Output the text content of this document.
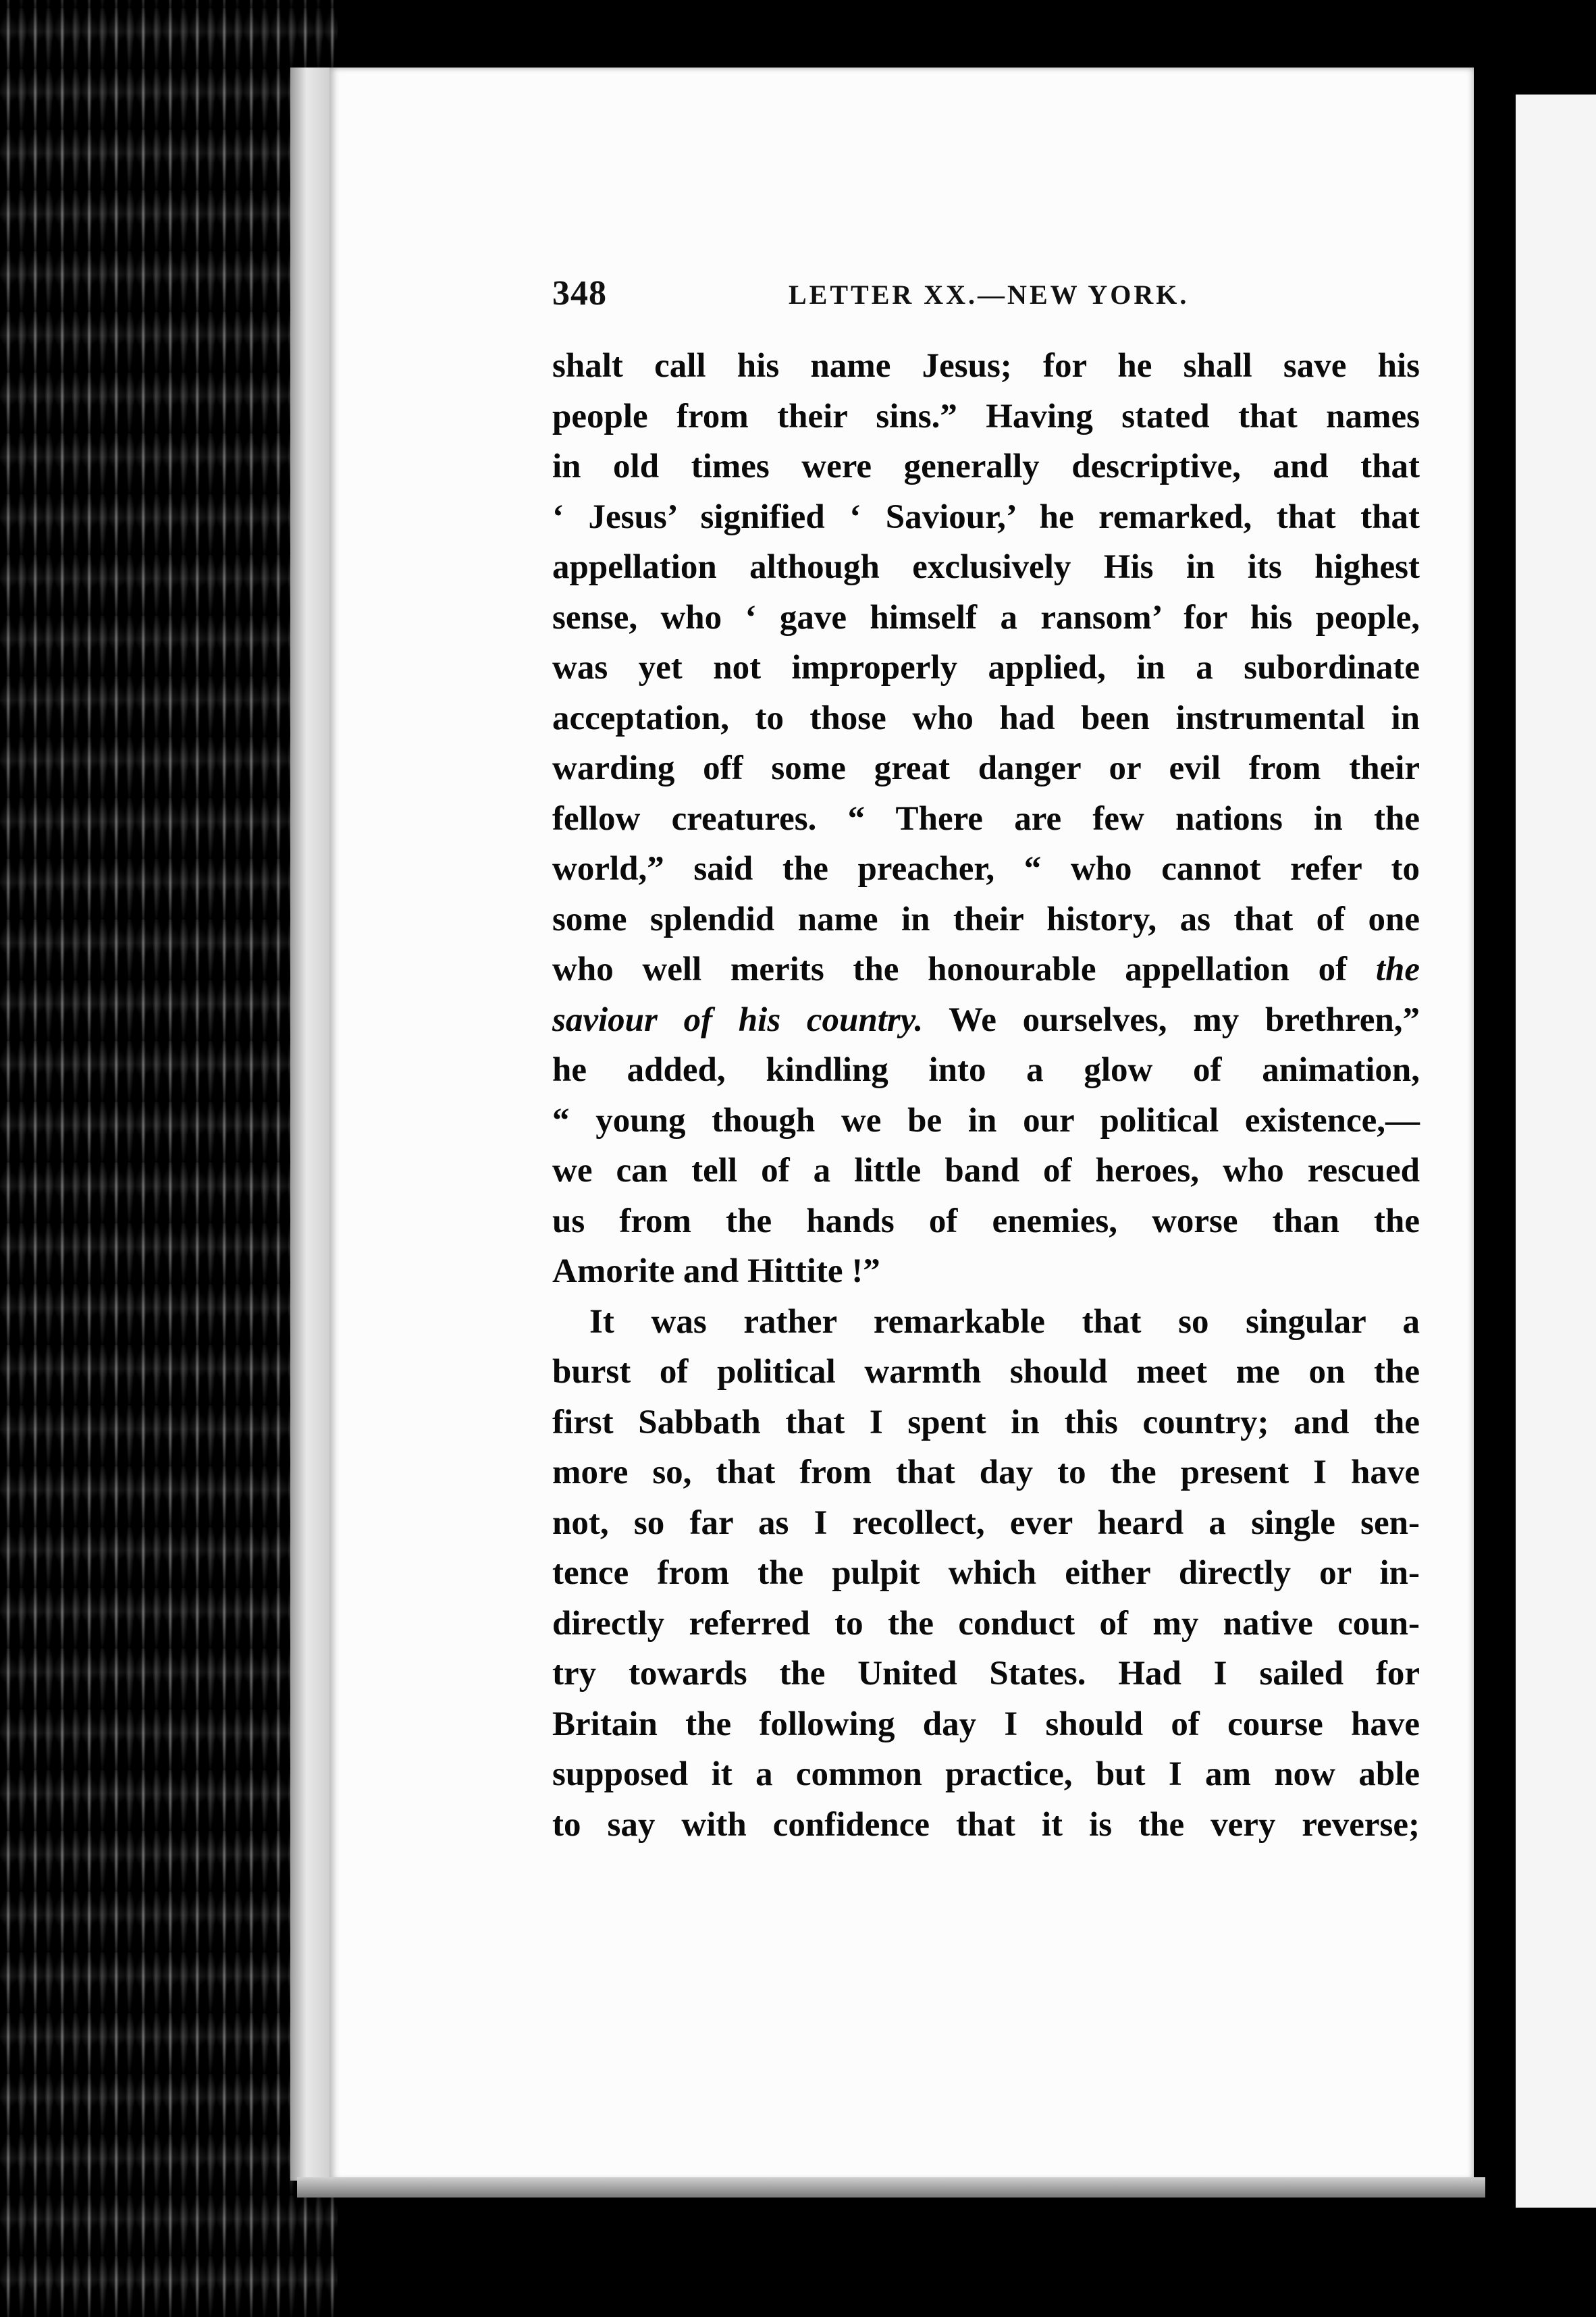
348	LETTER XX.—NEW YORK.
shalt call his name Jesus; for he shall save his
people from their sins.” Having stated that names
in old times were generally descriptive, and that
‘ Jesus’ signified ‘ Saviour,’ he remarked, that that
appellation although exclusively His in its highest
sense, who ‘ gave himself a ransom’ for his people,
was yet not improperly applied, in a subordinate
acceptation, to those who had been instrumental in
warding off some great danger or evil from their
fellow creatures. “ There are few nations in the
world,” said the preacher, “ who cannot refer to
some splendid name in their history, as that of one
who well merits the honourable appellation of the
saviour of his country. We ourselves, my brethren,”
he added, kindling into a glow of animation,
“ young though we be in our political existence,—
we can tell of a little band of heroes, who rescued
us from the hands of enemies, worse than the
Amorite and Hittite !”
It was rather remarkable that so singular a
burst of political warmth should meet me on the
first Sabbath that I spent in this country; and the
more so, that from that day to the present I have
not, so far as I recollect, ever heard a single sen-
tence from the pulpit which either directly or in-
directly referred to the conduct of my native coun-
try towards the United States. Had I sailed for
Britain the following day I should of course have
supposed it a common practice, but I am now able
to say with confidence that it is the very reverse;
